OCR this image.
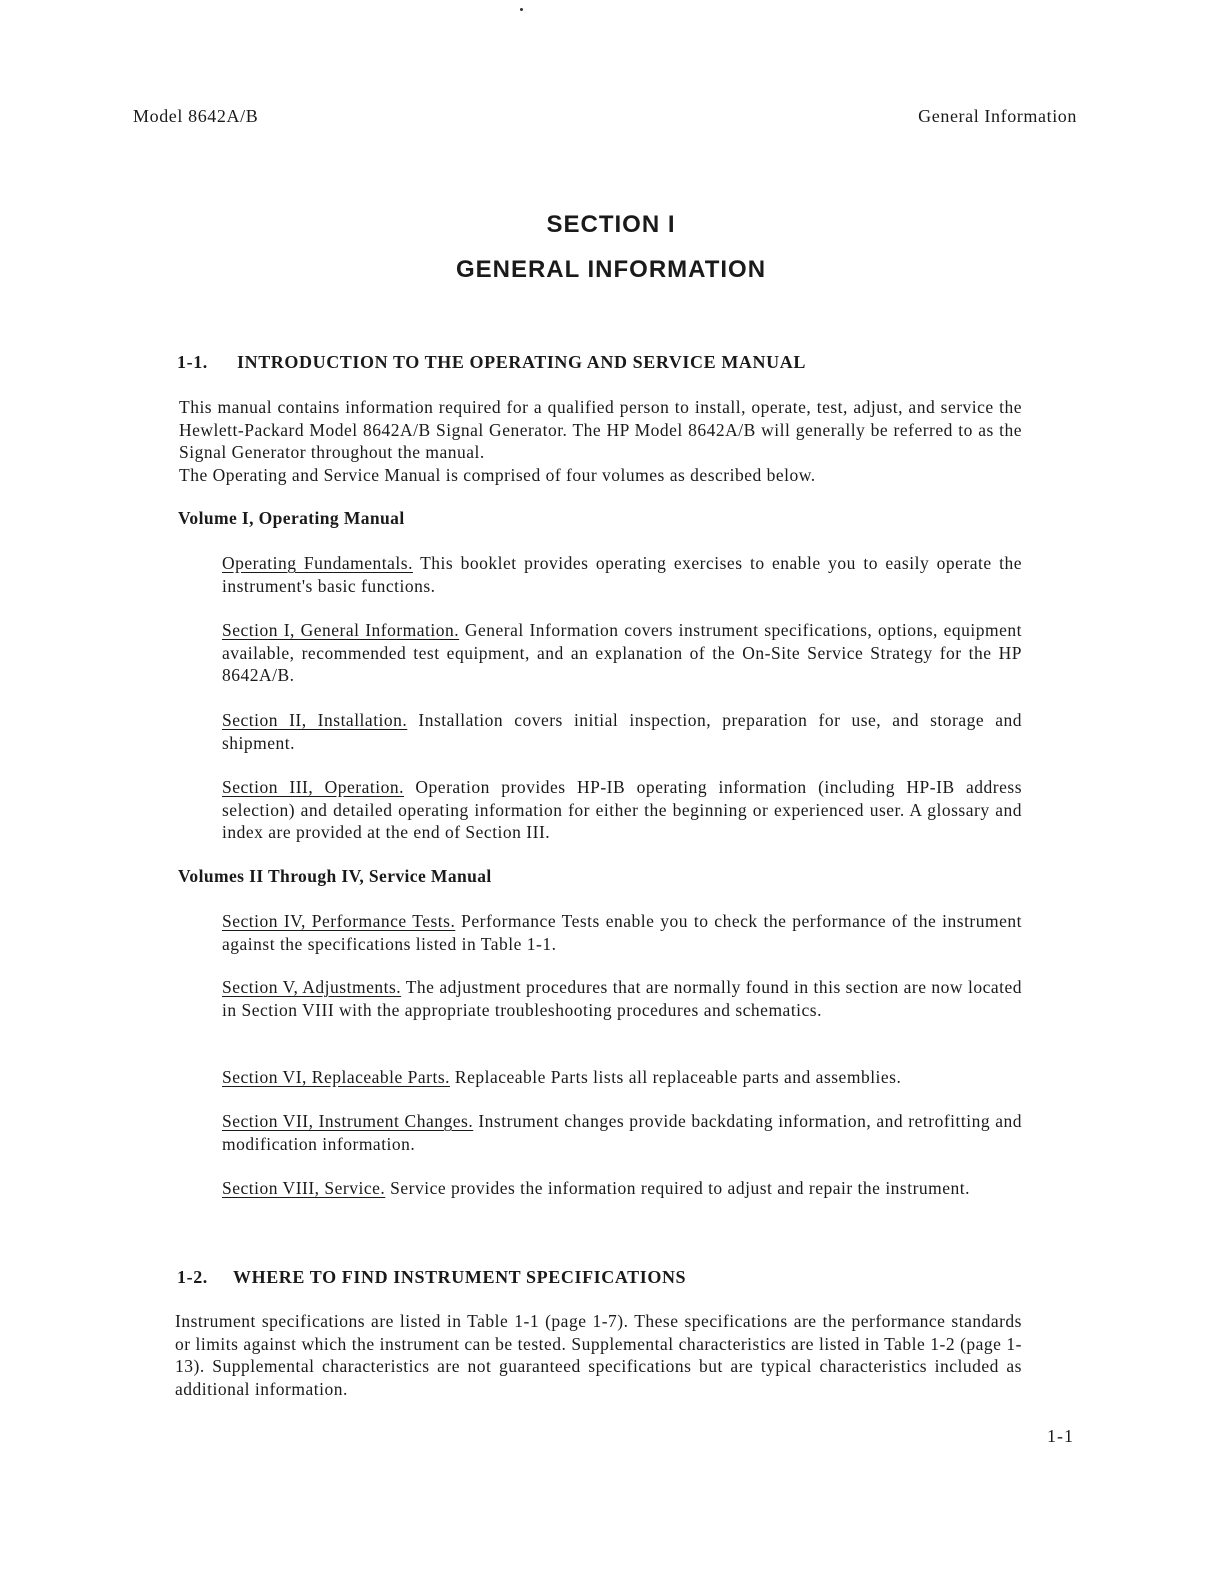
Model 8642A/B	General Information
SECTION I
GENERAL INFORMATION
1-1. INTRODUCTION TO THE OPERATING AND SERVICE MANUAL
This manual contains information required for a qualified person to install, operate, test, adjust, and service the Hewlett-Packard Model 8642A/B Signal Generator. The HP Model 8642A/B will generally be referred to as the Signal Generator throughout the manual.
The Operating and Service Manual is comprised of four volumes as described below.
Volume I, Operating Manual
Operating Fundamentals. This booklet provides operating exercises to enable you to easily operate the instrument's basic functions.
Section I, General Information. General Information covers instrument specifications, options, equipment available, recommended test equipment, and an explanation of the On-Site Service Strategy for the HP 8642A/B.
Section II, Installation. Installation covers initial inspection, preparation for use, and storage and shipment.
Section III, Operation. Operation provides HP-IB operating information (including HP-IB address selection) and detailed operating information for either the beginning or experienced user. A glossary and index are provided at the end of Section III.
Volumes II Through IV, Service Manual
Section IV, Performance Tests. Performance Tests enable you to check the performance of the instrument against the specifications listed in Table 1-1.
Section V, Adjustments. The adjustment procedures that are normally found in this section are now located in Section VIII with the appropriate troubleshooting procedures and schematics.
Section VI, Replaceable Parts. Replaceable Parts lists all replaceable parts and assemblies.
Section VII, Instrument Changes. Instrument changes provide backdating information, and retrofitting and modification information.
Section VIII, Service. Service provides the information required to adjust and repair the instrument.
1-2. WHERE TO FIND INSTRUMENT SPECIFICATIONS
Instrument specifications are listed in Table 1-1 (page 1-7). These specifications are the performance standards or limits against which the instrument can be tested. Supplemental characteristics are listed in Table 1-2 (page 1-13). Supplemental characteristics are not guaranteed specifications but are typical characteristics included as additional information.
1-1
